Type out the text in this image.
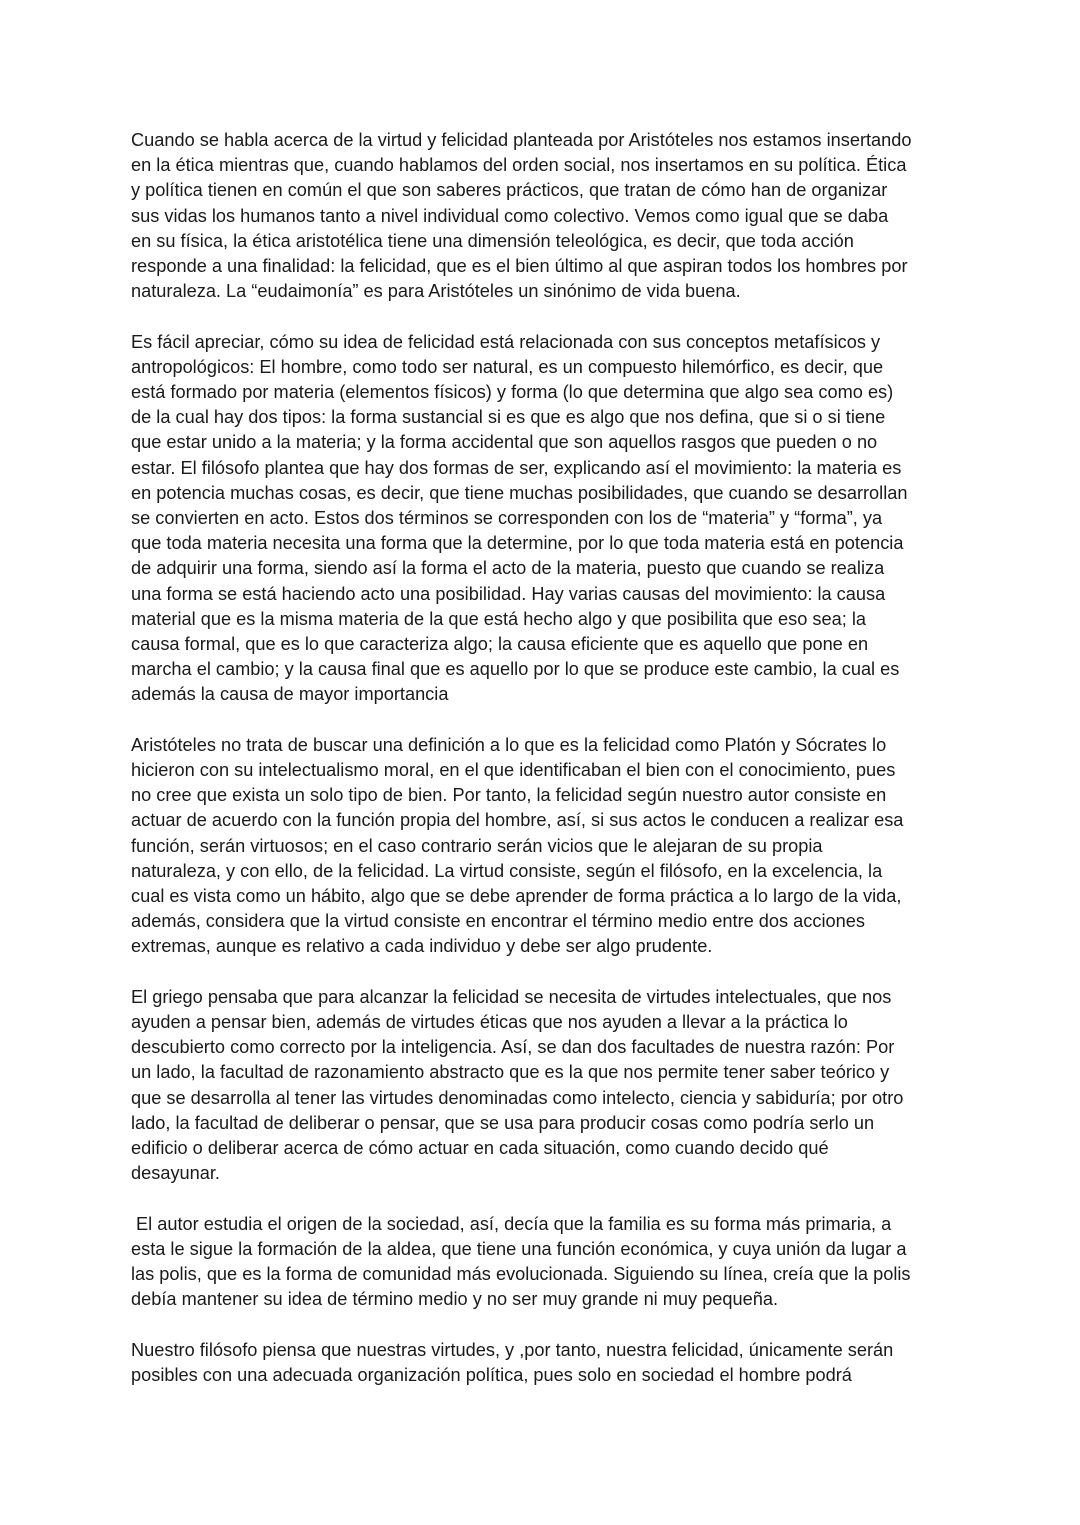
Cuando se habla acerca de la virtud y felicidad planteada por Aristóteles nos estamos insertando
en la ética mientras que, cuando hablamos del orden social, nos insertamos en su política. Ética
y política tienen en común el que son saberes prácticos, que tratan de cómo han de organizar
sus vidas los humanos tanto a nivel individual como colectivo. Vemos como igual que se daba
en su física, la ética aristotélica tiene una dimensión teleológica, es decir, que toda acción
responde a una finalidad: la felicidad, que es el bien último al que aspiran todos los hombres por
naturaleza. La “eudaimonía” es para Aristóteles un sinónimo de vida buena.

Es fácil apreciar, cómo su idea de felicidad está relacionada con sus conceptos metafísicos y
antropológicos: El hombre, como todo ser natural, es un compuesto hilemórfico, es decir, que
está formado por materia (elementos físicos) y forma (lo que determina que algo sea como es)
de la cual hay dos tipos: la forma sustancial si es que es algo que nos defina, que si o si tiene
que estar unido a la materia; y la forma accidental que son aquellos rasgos que pueden o no
estar. El filósofo plantea que hay dos formas de ser, explicando así el movimiento: la materia es
en potencia muchas cosas, es decir, que tiene muchas posibilidades, que cuando se desarrollan
se convierten en acto. Estos dos términos se corresponden con los de “materia” y “forma”, ya
que toda materia necesita una forma que la determine, por lo que toda materia está en potencia
de adquirir una forma, siendo así la forma el acto de la materia, puesto que cuando se realiza
una forma se está haciendo acto una posibilidad. Hay varias causas del movimiento: la causa
material que es la misma materia de la que está hecho algo y que posibilita que eso sea; la
causa formal, que es lo que caracteriza algo; la causa eficiente que es aquello que pone en
marcha el cambio; y la causa final que es aquello por lo que se produce este cambio, la cual es
además la causa de mayor importancia

Aristóteles no trata de buscar una definición a lo que es la felicidad como Platón y Sócrates lo
hicieron con su intelectualismo moral, en el que identificaban el bien con el conocimiento, pues
no cree que exista un solo tipo de bien. Por tanto, la felicidad según nuestro autor consiste en
actuar de acuerdo con la función propia del hombre, así, si sus actos le conducen a realizar esa
función, serán virtuosos; en el caso contrario serán vicios que le alejaran de su propia
naturaleza, y con ello, de la felicidad. La virtud consiste, según el filósofo, en la excelencia, la
cual es vista como un hábito, algo que se debe aprender de forma práctica a lo largo de la vida,
además, considera que la virtud consiste en encontrar el término medio entre dos acciones
extremas, aunque es relativo a cada individuo y debe ser algo prudente.

El griego pensaba que para alcanzar la felicidad se necesita de virtudes intelectuales, que nos
ayuden a pensar bien, además de virtudes éticas que nos ayuden a llevar a la práctica lo
descubierto como correcto por la inteligencia. Así, se dan dos facultades de nuestra razón: Por
un lado, la facultad de razonamiento abstracto que es la que nos permite tener saber teórico y
que se desarrolla al tener las virtudes denominadas como intelecto, ciencia y sabiduría; por otro
lado, la facultad de deliberar o pensar, que se usa para producir cosas como podría serlo un
edificio o deliberar acerca de cómo actuar en cada situación, como cuando decido qué
desayunar.

El autor estudia el origen de la sociedad, así, decía que la familia es su forma más primaria, a
esta le sigue la formación de la aldea, que tiene una función económica, y cuya unión da lugar a
las polis, que es la forma de comunidad más evolucionada. Siguiendo su línea, creía que la polis
debía mantener su idea de término medio y no ser muy grande ni muy pequeña.

Nuestro filósofo piensa que nuestras virtudes, y ,por tanto, nuestra felicidad, únicamente serán
posibles con una adecuada organización política, pues solo en sociedad el hombre podrá
